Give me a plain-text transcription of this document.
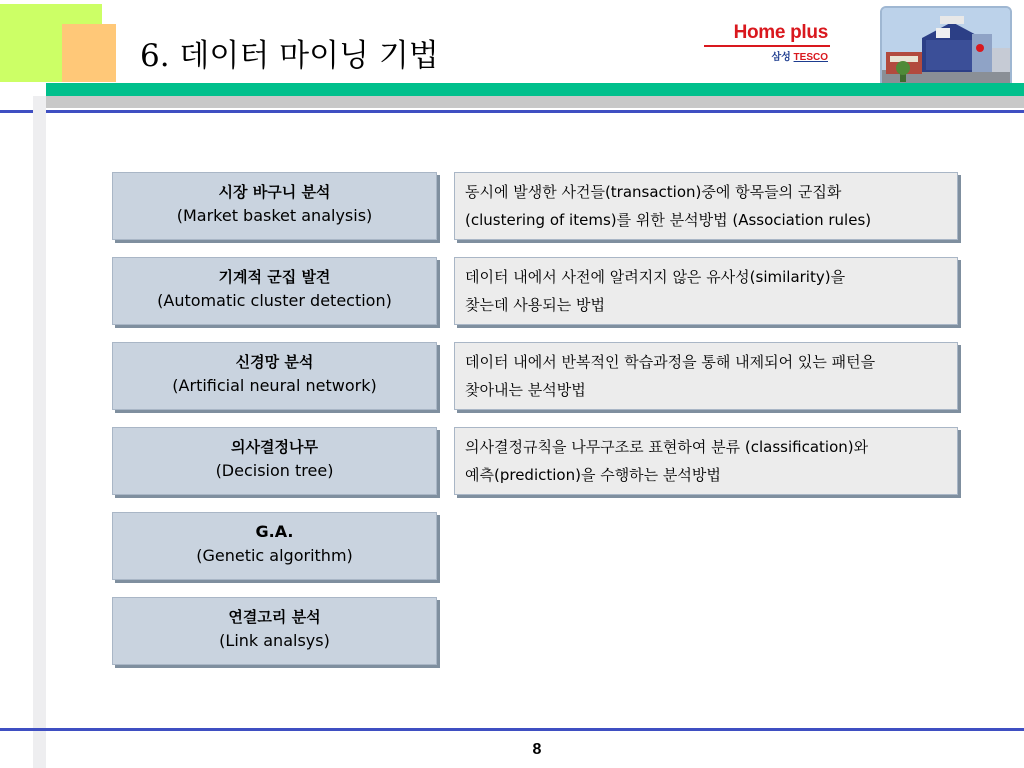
6. 데이터 마이닝 기법
Home plus
삼성 TESCO
시장 바구니 분석
(Market basket analysis)
동시에 발생한 사건들(transaction)중에 항목들의 군집화
(clustering of items)를 위한 분석방법 (Association rules)
기계적 군집 발견
(Automatic cluster detection)
데이터 내에서 사전에 알려지지 않은 유사성(similarity)을
찾는데 사용되는 방법
신경망 분석
(Artificial neural network)
데이터 내에서 반복적인 학습과정을 통해 내제되어 있는 패턴을
찾아내는 분석방법
의사결정나무
(Decision tree)
의사결정규칙을 나무구조로 표현하여 분류 (classification)와
예측(prediction)을 수행하는 분석방법
G.A.
(Genetic algorithm)
연결고리 분석
(Link analsys)
8
